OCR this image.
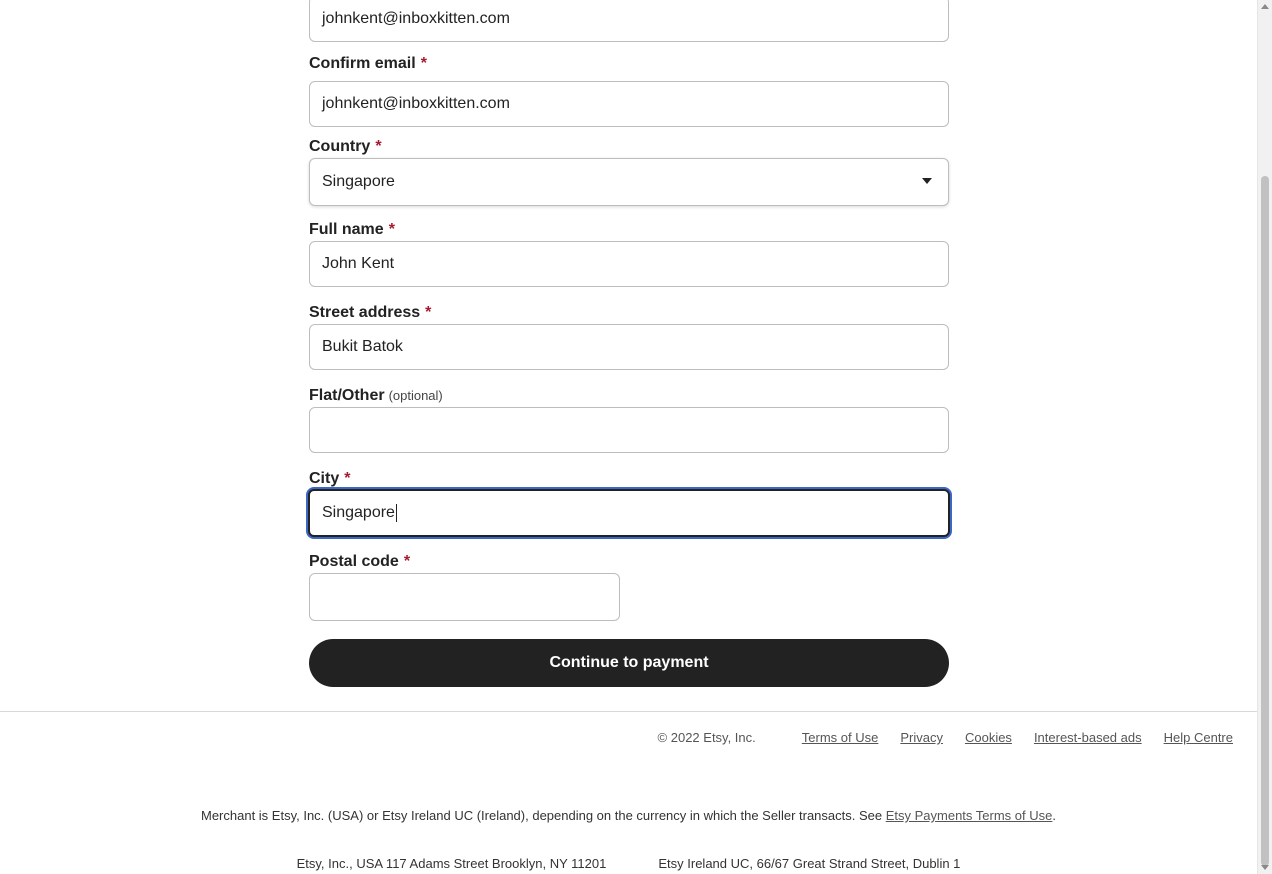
johnkent@inboxkitten.com
Confirm email *
johnkent@inboxkitten.com
Country *
Singapore
Full name *
John Kent
Street address *
Bukit Batok
Flat/Other (optional)
City *
Singapore
Postal code *
Continue to payment
© 2022 Etsy, Inc.	Terms of Use Privacy Cookies Interest-based ads Help Centre
Merchant is Etsy, Inc. (USA) or Etsy Ireland UC (Ireland), depending on the currency in which the Seller transacts. See Etsy Payments Terms of Use.
Etsy, Inc., USA 117 Adams Street Brooklyn, NY 11201	Etsy Ireland UC, 66/67 Great Strand Street, Dublin 1
